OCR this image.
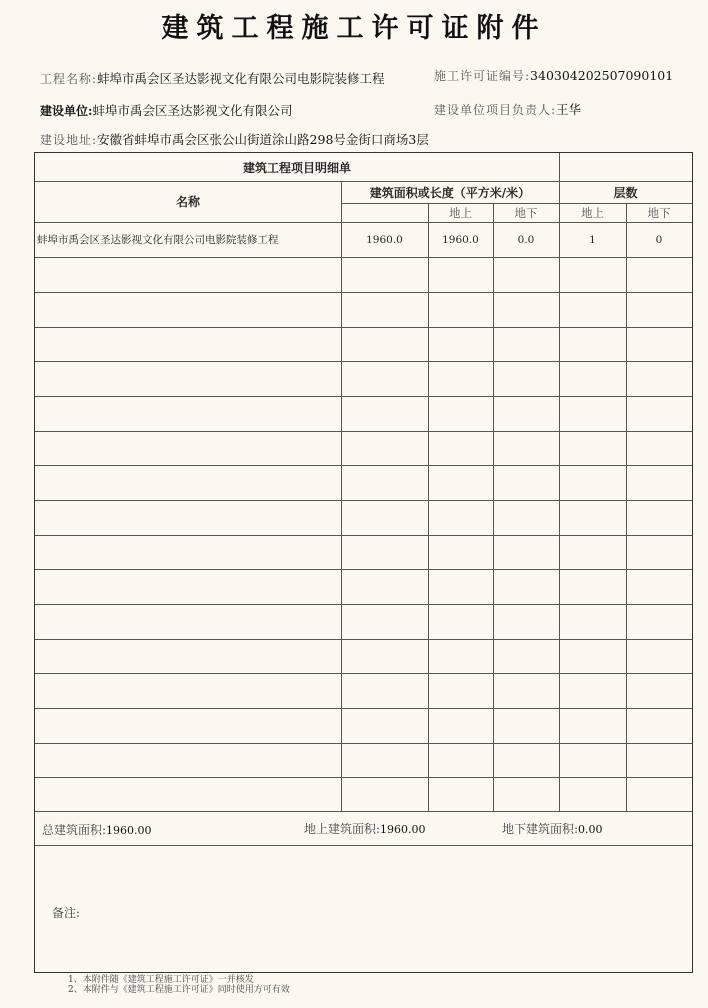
建筑工程施工许可证附件
工程名称:蚌埠市禹会区圣达影视文化有限公司电影院装修工程	施工许可证编号:340304202507090101
建设单位:蚌埠市禹会区圣达影视文化有限公司	建设单位项目负责人:王华
建设地址:安徽省蚌埠市禹会区张公山街道涂山路298号金街口商场3层
建筑工程项目明细单
名称
建筑面积或长度（平方米/米）	层数
地上	地下	地上	地下
蚌埠市禹会区圣达影视文化有限公司电影院装修工程	1960.0	1960.0	0.0	1	0
总建筑面积:1960.00	地上建筑面积:1960.00	地下建筑面积:0.00
备注:
1、本附件随《建筑工程施工许可证》一并核发
2、本附件与《建筑工程施工许可证》同时使用方可有效
